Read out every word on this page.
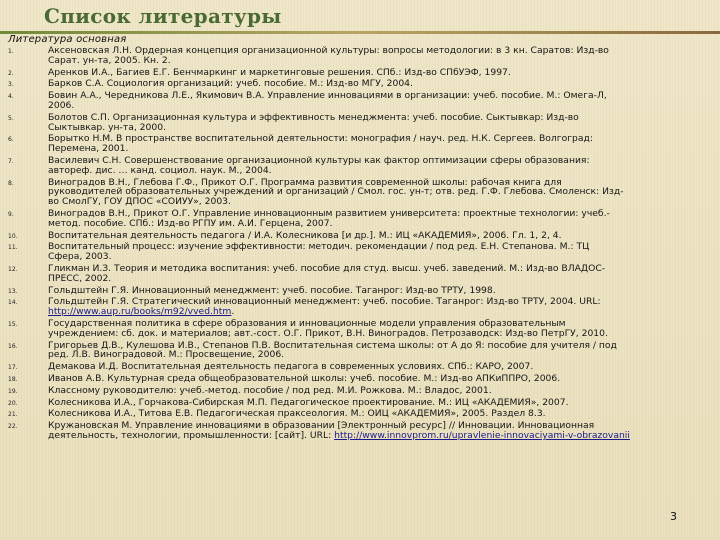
Список литературы
Литература основная
1.	Аксеновская Л.Н. Ордерная концепция организационной культуры: вопросы методологии: в 3 кн. Саратов: Изд-во
Сарат. ун-та, 2005. Кн. 2.
2.	Аренков И.А., Багиев Е.Г. Бенчмаркинг и маркетинговые решения. СПб.: Изд-во СПбУЭФ, 1997.
3.	Барков С.А. Социология организаций: учеб. пособие. М.: Изд-во МГУ, 2004.
4.	Бовин А.А., Чередникова Л.Е., Якимович В.А. Управление инновациями в организации: учеб. пособие. М.: Омега-Л,
2006.
5.	Болотов С.П. Организационная культура и эффективность менеджмента: учеб. пособие. Сыктывкар: Изд-во
Сыктывкар. ун-та, 2000.
6.	Борытко Н.М. В пространстве воспитательной деятельности: монография / науч. ред. Н.К. Сергеев. Волгоград:
Перемена, 2001.
7.	Василевич С.Н. Совершенствование организационной культуры как фактор оптимизации сферы образования:
автореф. дис. … канд. социол. наук. М., 2004.
8.	Виноградов В.Н., Глебова Г.Ф., Прикот О.Г. Программа развития современной школы: рабочая книга для
руководителей образовательных учреждений и организаций / Смол. гос. ун-т; отв. ред. Г.Ф. Глебова. Смоленск: Изд-
во СмолГУ, ГОУ ДПОС «СОИУУ», 2003.
9.	Виноградов В.Н., Прикот О.Г. Управление инновационным развитием университета: проектные технологии: учеб.-
метод. пособие. СПб.: Изд-во РГПУ им. А.И. Герцена, 2007.
10.	Воспитательная деятельность педагога / И.А. Колесникова [и др.]. М.: ИЦ «АКАДЕМИЯ», 2006. Гл. 1, 2, 4.
11.	Воспитательный процесс: изучение эффективности: методич. рекомендации / под ред. Е.Н. Степанова. М.: ТЦ
Сфера, 2003.
12.	Гликман И.З. Теория и методика воспитания: учеб. пособие для студ. высш. учеб. заведений. М.: Изд-во ВЛАДОС-
ПРЕСС, 2002.
13.	Гольдштейн Г.Я. Инновационный менеджмент: учеб. пособие. Таганрог: Изд-во ТРТУ, 1998.
14.	Гольдштейн Г.Я. Стратегический инновационный менеджмент: учеб. пособие. Таганрог: Изд-во ТРТУ, 2004. URL:
http://www.aup.ru/books/m92/vved.htm.
15.	Государственная политика в сфере образования и инновационные модели управления образовательным
учреждением: сб. док. и материалов; авт.-сост. О.Г. Прикот, В.Н. Виноградов. Петрозаводск: Изд-во ПетрГУ, 2010.
16.	Григорьев Д.В., Кулешова И.В., Степанов П.В. Воспитательная система школы: от А до Я: пособие для учителя / под
ред. Л.В. Виноградовой. М.: Просвещение, 2006.
17.	Демакова И.Д. Воспитательная деятельность педагога в современных условиях. СПб.: КАРО, 2007.
18.	Иванов А.В. Культурная среда общеобразовательной школы: учеб. пособие. М.: Изд-во АПКиППРО, 2006.
19.	Классному руководителю: учеб.-метод. пособие / под ред. М.И. Рожкова. М.: Владос, 2001.
20.	Колесникова И.А., Горчакова-Сибирская М.П. Педагогическое проектирование. М.: ИЦ «АКАДЕМИЯ», 2007.
21.	Колесникова И.А., Титова Е.В. Педагогическая праксеология. М.: ОИЦ «АКАДЕМИЯ», 2005. Раздел 8.3.
22.	Кружановская М. Управление инновациями в образовании [Электронный ресурс] // Инновации. Инновационная
деятельность, технологии, промышленности: [сайт]. URL: http://www.innovprom.ru/upravlenie-innovaciyami-v-obrazovanii
3
